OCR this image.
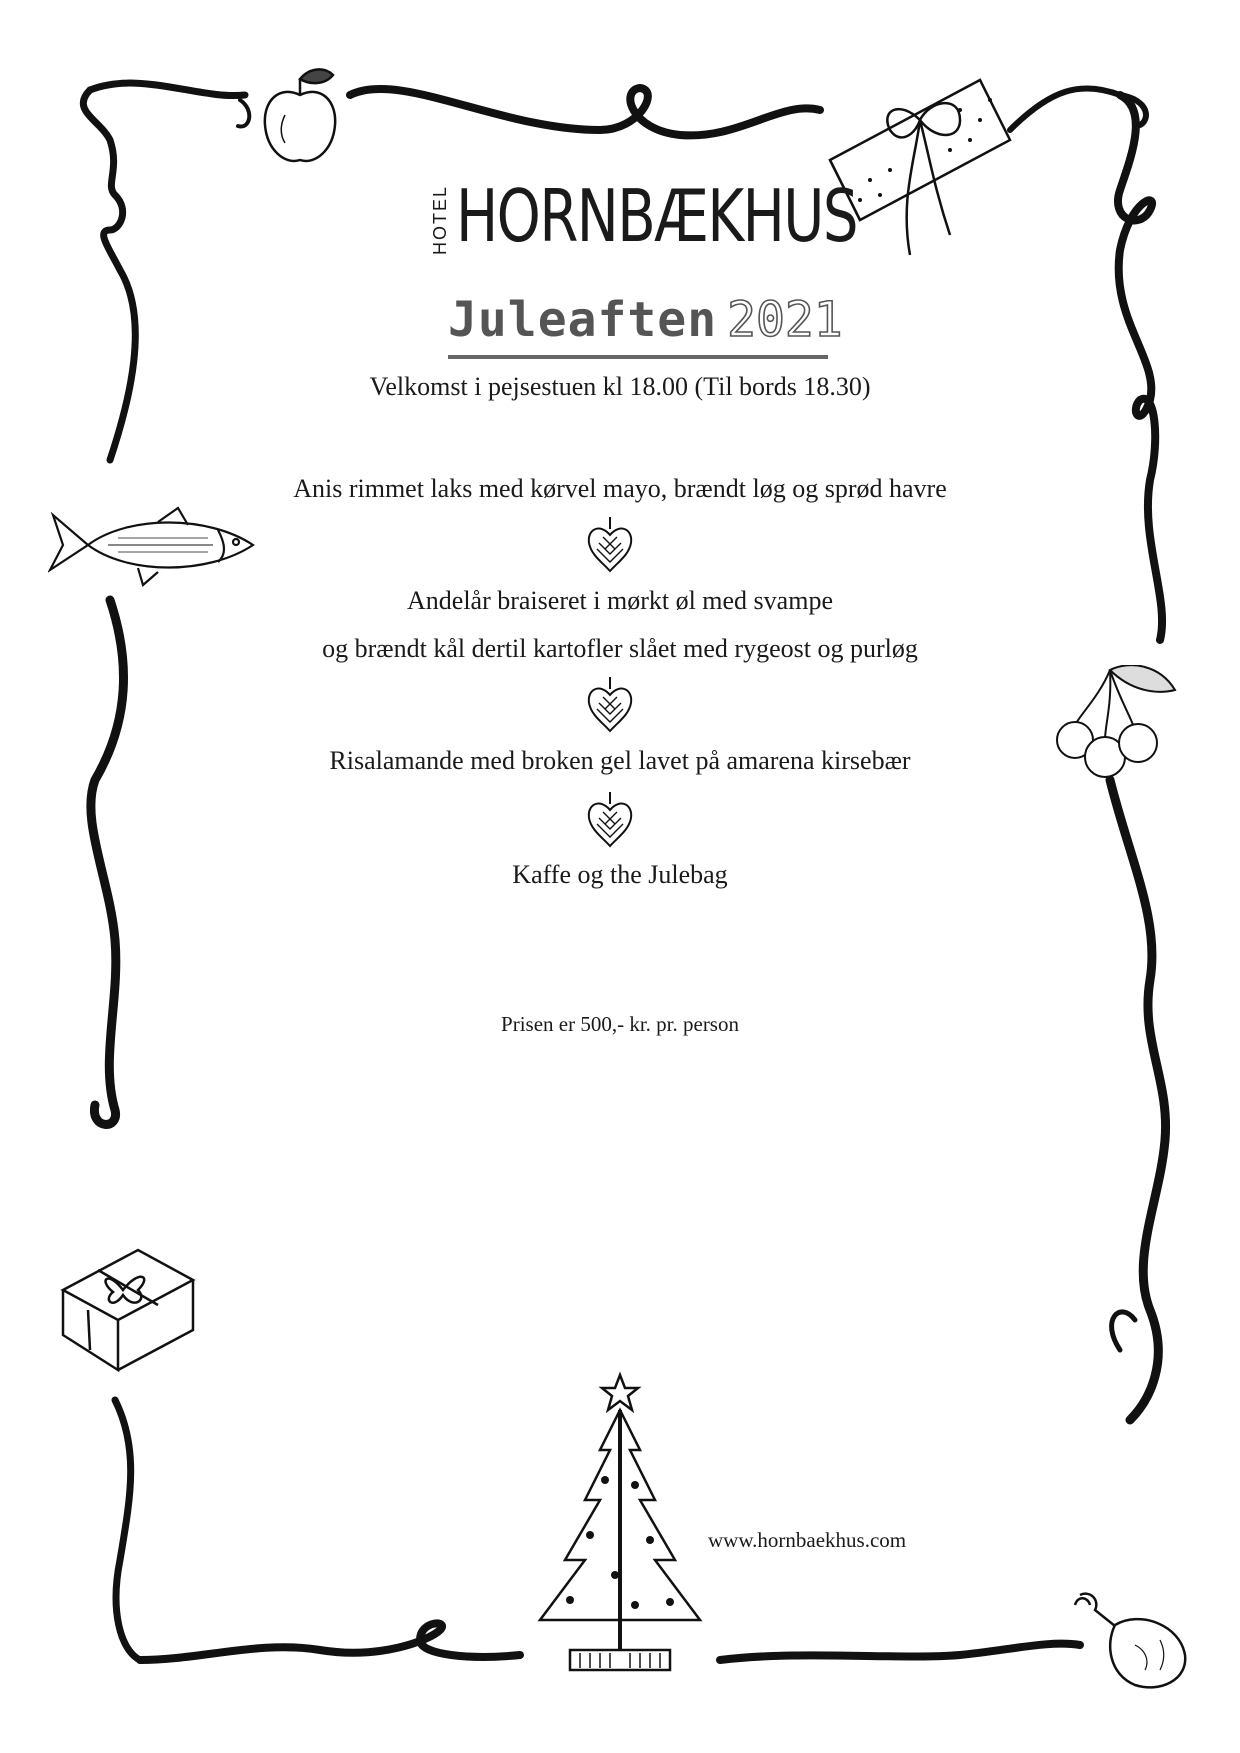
HOTEL HORNBÆKHUS
Juleaften 2021
Velkomst i pejsestuen kl 18.00 (Til bords 18.30)
Anis rimmet laks med kørvel mayo, brændt løg og sprød havre
Andelår braiseret i mørkt øl med svampe
og brændt kål dertil kartofler slået med rygeost og purløg
Risalamande med broken gel lavet på amarena kirsebær
Kaffe og the Julebag
Prisen er 500,- kr. pr. person
www.hornbaekhus.com
